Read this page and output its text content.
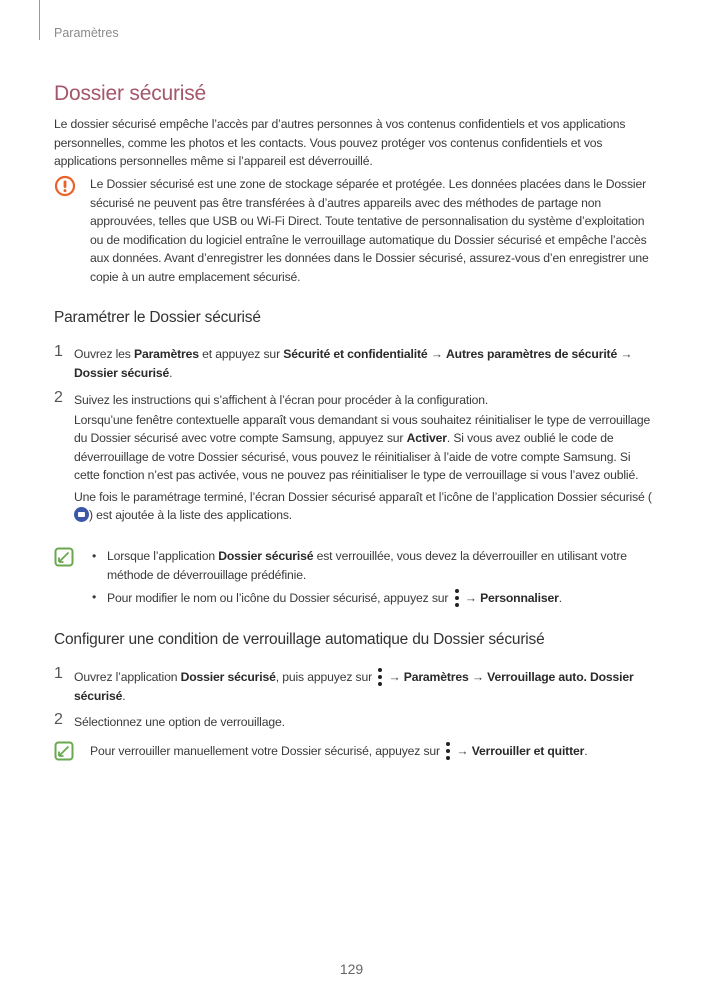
Paramètres
Dossier sécurisé

Le dossier sécurisé empêche l’accès par d’autres personnes à vos contenus confidentiels et vos applications personnelles, comme les photos et les contacts. Vous pouvez protéger vos contenus confidentiels et vos applications personnelles même si l’appareil est déverrouillé.

Le Dossier sécurisé est une zone de stockage séparée et protégée. Les données placées dans le Dossier sécurisé ne peuvent pas être transférées à d’autres appareils avec des méthodes de partage non approuvées, telles que USB ou Wi-Fi Direct. Toute tentative de personnalisation du système d’exploitation ou de modification du logiciel entraîne le verrouillage automatique du Dossier sécurisé et empêche l’accès aux données. Avant d’enregistrer les données dans le Dossier sécurisé, assurez-vous d’en enregistrer une copie à un autre emplacement sécurisé.

Paramétrer le Dossier sécurisé
1 Ouvrez les Paramètres et appuyez sur Sécurité et confidentialité → Autres paramètres de sécurité → Dossier sécurisé.

2 Suivez les instructions qui s’affichent à l’écran pour procéder à la configuration.

Lorsqu’une fenêtre contextuelle apparaît vous demandant si vous souhaitez réinitialiser le type de verrouillage du Dossier sécurisé avec votre compte Samsung, appuyez sur Activer. Si vous avez oublié le code de déverrouillage de votre Dossier sécurisé, vous pouvez le réinitialiser à l’aide de votre compte Samsung. Si cette fonction n’est pas activée, vous ne pouvez pas réinitialiser le type de verrouillage si vous l’avez oublié.

Une fois le paramétrage terminé, l’écran Dossier sécurisé apparaît et l’icône de l’application Dossier sécurisé () est ajoutée à la liste des applications.

• Lorsque l’application Dossier sécurisé est verrouillée, vous devez la déverrouiller en utilisant votre méthode de déverrouillage prédéfinie.
• Pour modifier le nom ou l’icône du Dossier sécurisé, appuyez sur
→ Personnaliser.
Configurer une condition de verrouillage automatique du Dossier sécurisé
1 Ouvrez l’application Dossier sécurisé, puis appuyez sur
→ Paramètres → Verrouillage auto. Dossier sécurisé.

2 Sélectionnez une option de verrouillage.

Pour verrouiller manuellement votre Dossier sécurisé, appuyez sur
→ Verrouiller et quitter.

129
